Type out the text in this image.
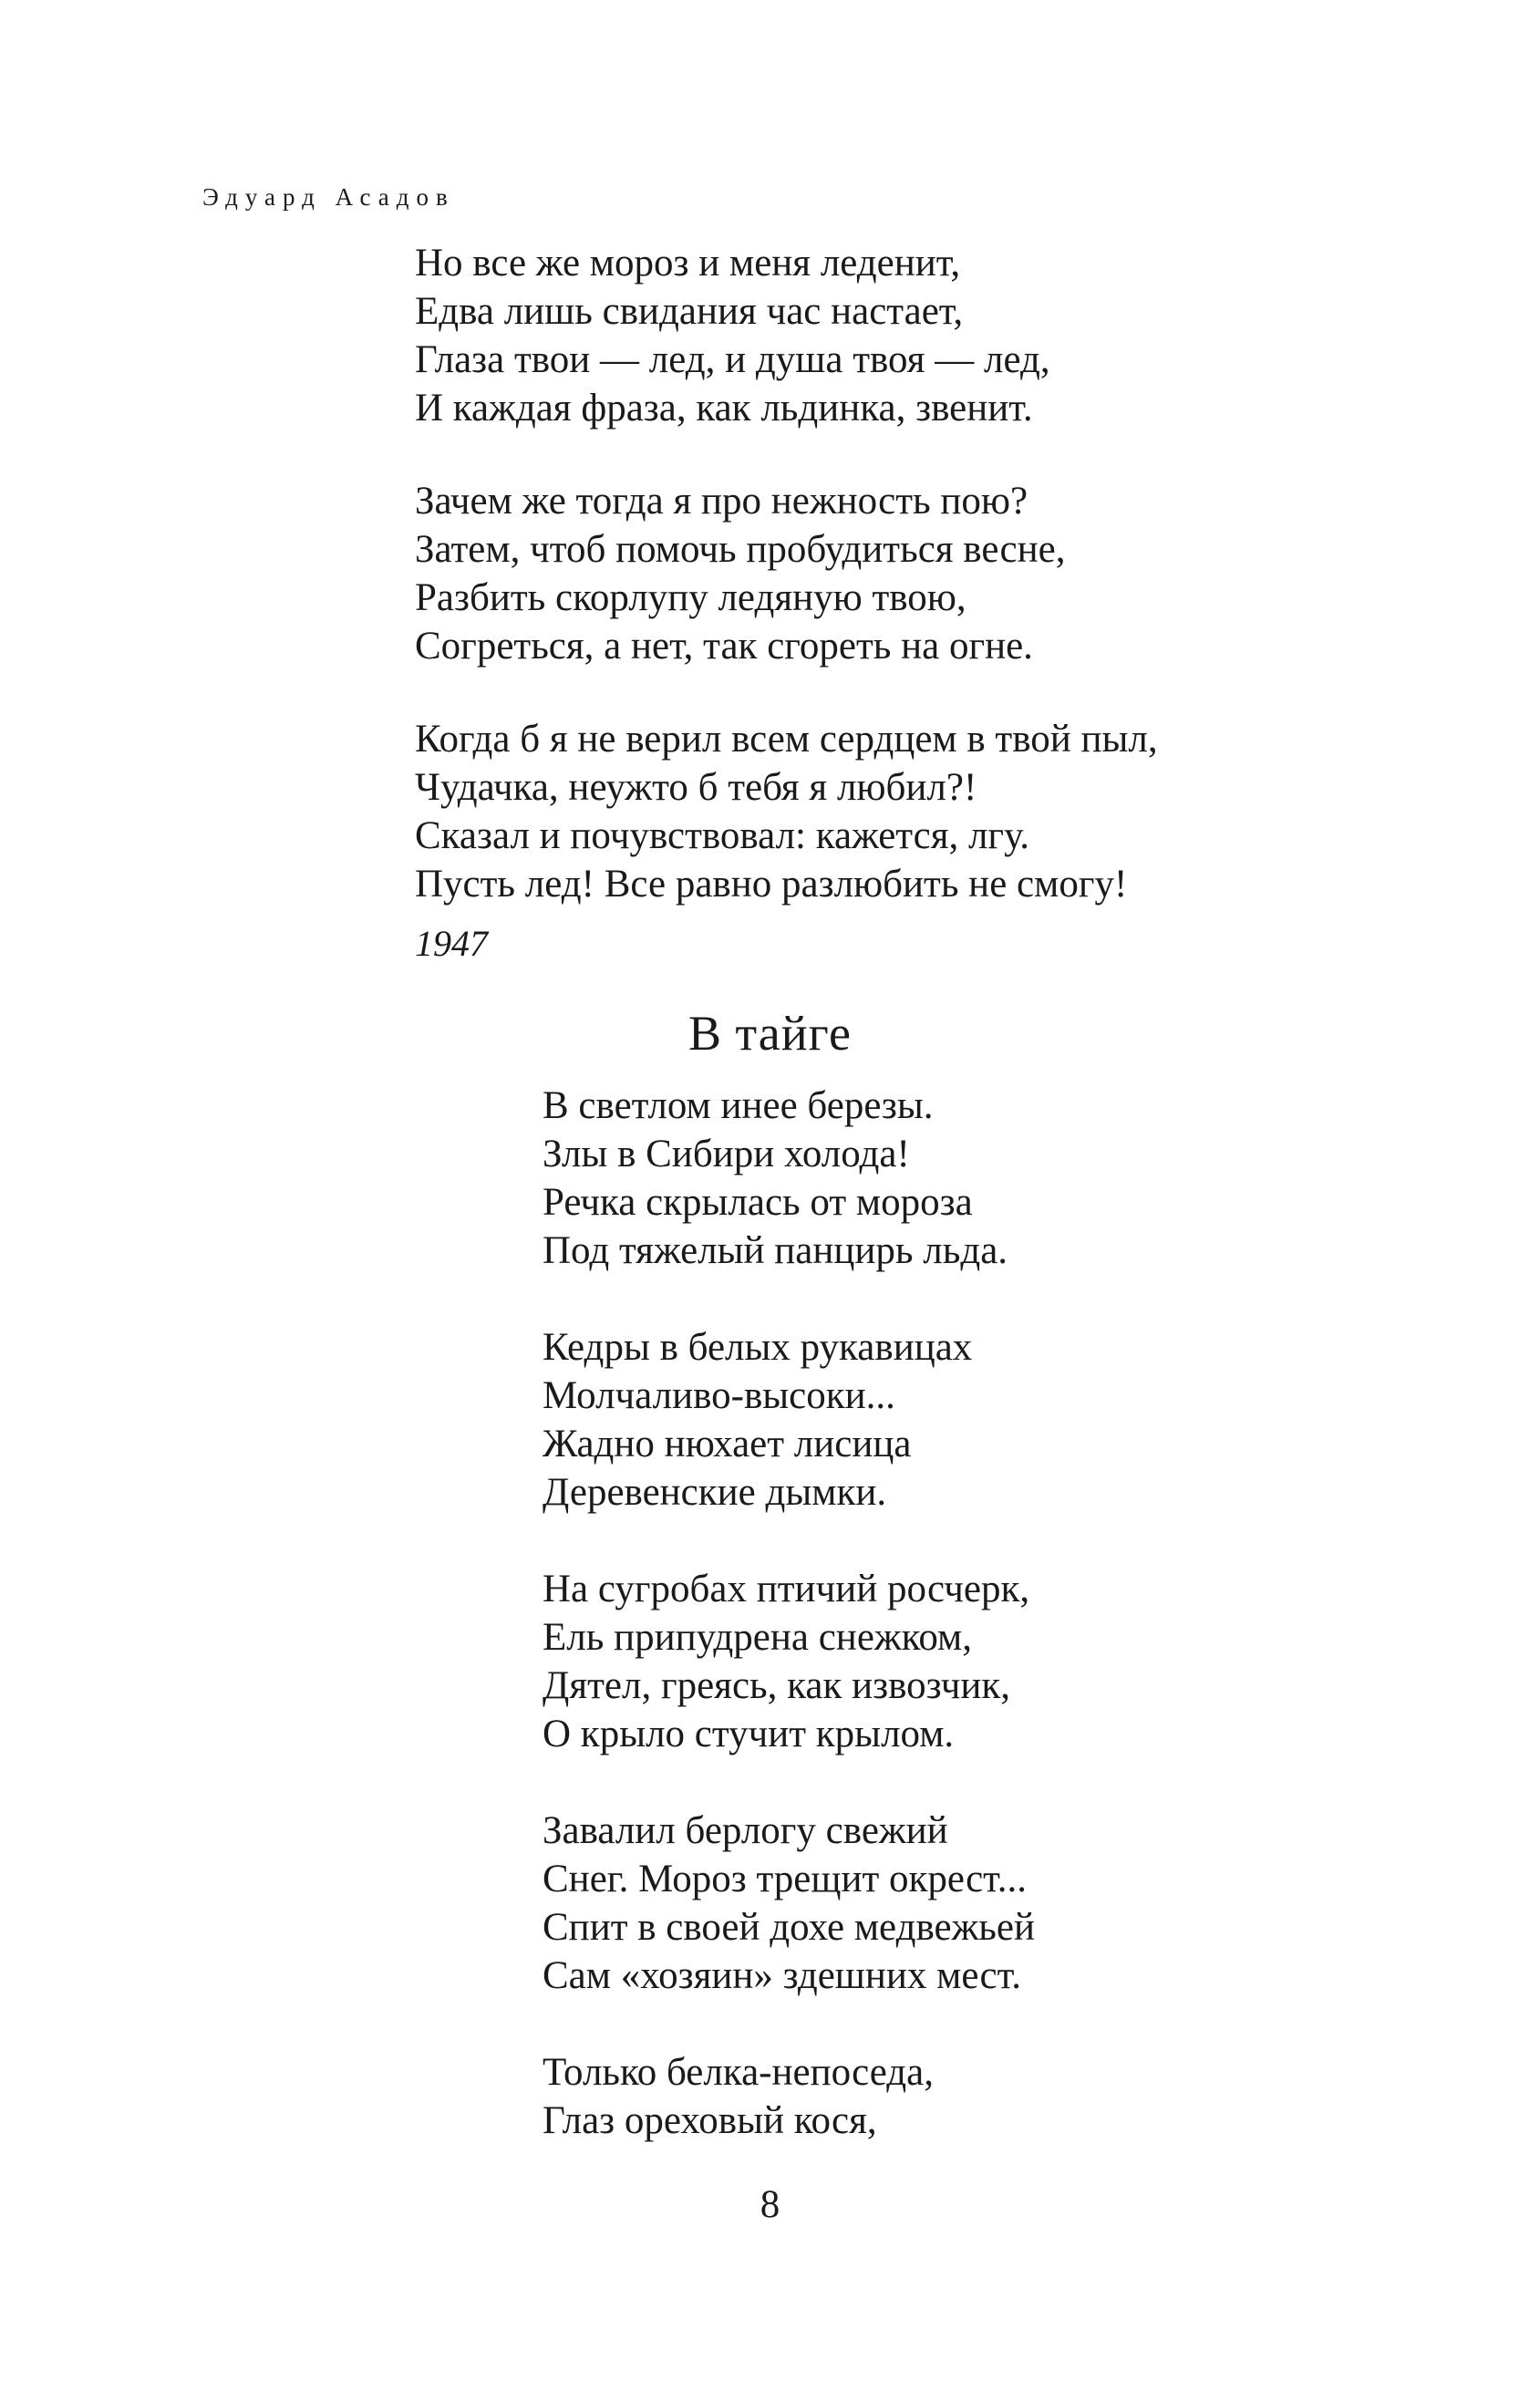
Эдуард Асадов
Но все же мороз и меня леденит,
Едва лишь свидания час настает,
Глаза твои — лед, и душа твоя — лед,
И каждая фраза, как льдинка, звенит.
Зачем же тогда я про нежность пою?
Затем, чтоб помочь пробудиться весне,
Разбить скорлупу ледяную твою,
Согреться, а нет, так сгореть на огне.
Когда б я не верил всем сердцем в твой пыл,
Чудачка, неужто б тебя я любил?!
Сказал и почувствовал: кажется, лгу.
Пусть лед! Все равно разлюбить не смогу!
1947
В тайге
В светлом инее березы.
Злы в Сибири холода!
Речка скрылась от мороза
Под тяжелый панцирь льда.
Кедры в белых рукавицах
Молчаливо-высоки...
Жадно нюхает лисица
Деревенские дымки.
На сугробах птичий росчерк,
Ель припудрена снежком,
Дятел, греясь, как извозчик,
О крыло стучит крылом.
Завалил берлогу свежий
Снег. Мороз трещит окрест...
Спит в своей дохе медвежьей
Сам «хозяин» здешних мест.
Только белка-непоседа,
Глаз ореховый кося,
8
